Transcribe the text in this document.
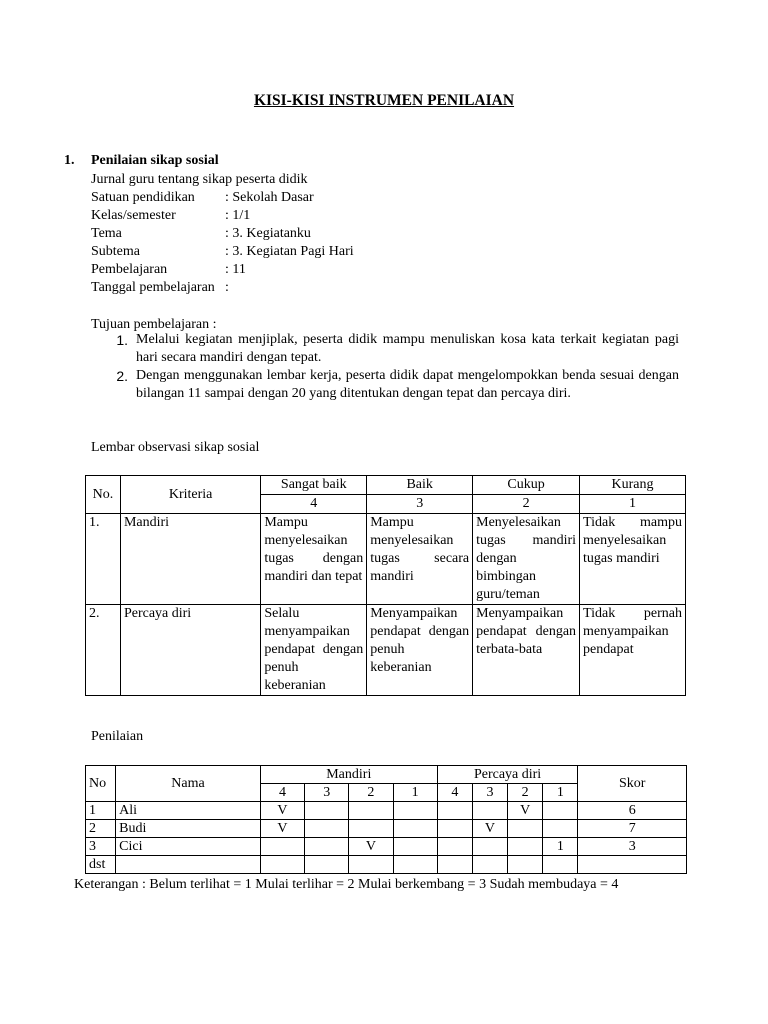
KISI-KISI INSTRUMEN PENILAIAN
1. Penilaian sikap sosial
Jurnal guru tentang sikap peserta didik
Satuan pendidikan	: Sekolah Dasar
Kelas/semester	: 1/1
Tema	: 3. Kegiatanku
Subtema	: 3. Kegiatan Pagi Hari
Pembelajaran	: 11
Tanggal pembelajaran :
Tujuan pembelajaran :
1. Melalui kegiatan menjiplak, peserta didik mampu menuliskan kosa kata terkait kegiatan pagi hari secara mandiri dengan tepat.
2. Dengan menggunakan lembar kerja, peserta didik dapat mengelompokkan benda sesuai dengan bilangan 11 sampai dengan 20 yang ditentukan dengan tepat dan percaya diri.
Lembar observasi sikap sosial
No.	Kriteria	Sangat baik	Baik	Cukup	Kurang
		4	3	2	1
1.	Mandiri	Mampu menyelesaikan tugas dengan mandiri dan tepat	Mampu menyelesaikan tugas secara mandiri	Menyelesaikan tugas mandiri dengan bimbingan guru/teman	Tidak mampu menyelesaikan tugas mandiri
2.	Percaya diri	Selalu menyampaikan pendapat dengan penuh keberanian	Menyampaikan pendapat dengan penuh keberanian	Menyampaikan pendapat dengan terbata-bata	Tidak pernah menyampaikan pendapat
Penilaian
No	Nama	Mandiri				Percaya diri				Skor
		4	3	2	1	4	3	2	1	
1	Ali	V						V		6
2	Budi	V					V			7
3	Cici			V					1	3
dst										
Keterangan : Belum terlihat = 1 Mulai terlihar = 2 Mulai berkembang = 3 Sudah membudaya = 4
